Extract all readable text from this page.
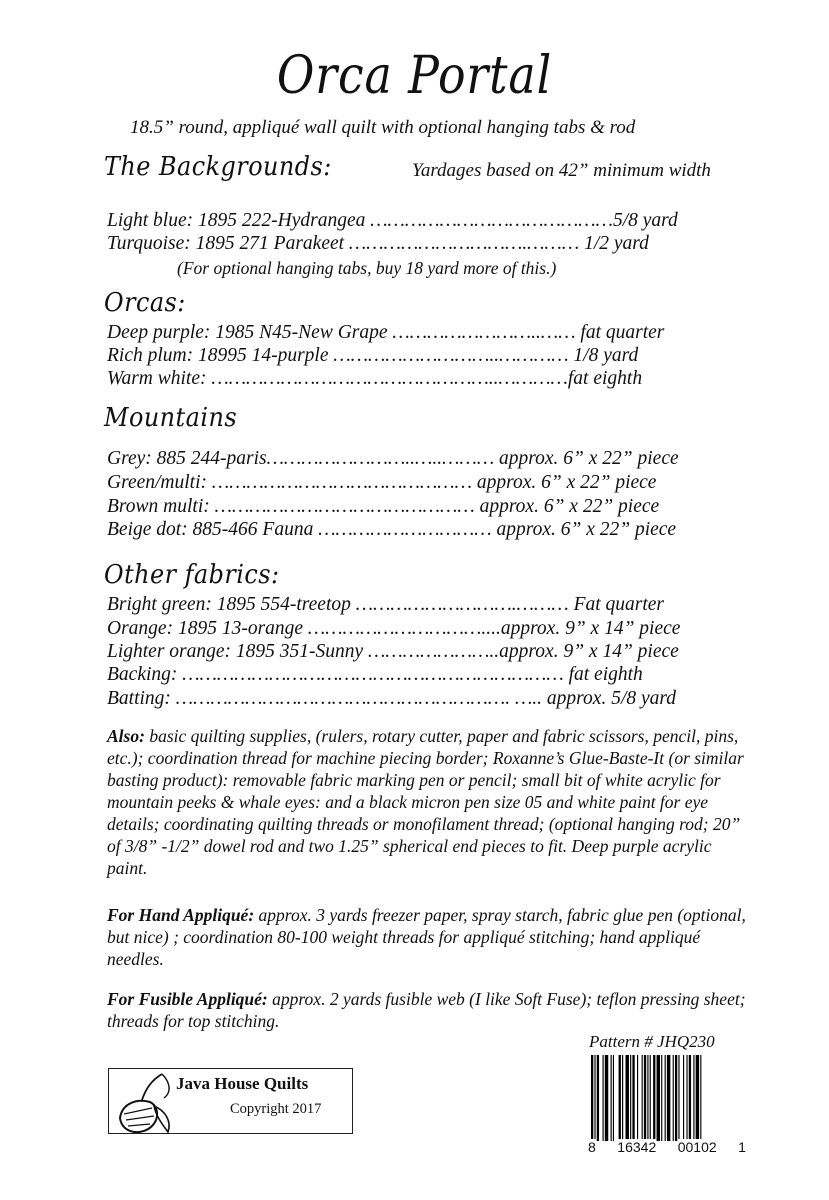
Orca Portal
18.5” round, appliqué wall quilt with optional hanging tabs & rod
The Backgrounds:	Yardages based on 42” minimum width
Light blue: 1895 222-Hydrangea ……………………………………5/8 yard
Turquoise: 1895 271 Parakeet ………………………….……… 1/2 yard
(For optional hanging tabs, buy 18 yard more of this.)
Orcas:
Deep purple: 1985 N45-New Grape ……………………..…… fat quarter
Rich plum: 18995 14-purple ………………………..………… 1/8 yard
Warm white: …………………………………………..…………fat eighth
Mountains
Grey: 885 244-paris……………………..…..……… approx. 6” x 22” piece
Green/multi: ……………………………………… approx. 6” x 22” piece
Brown multi: ……………………………………… approx. 6” x 22” piece
Beige dot: 885-466 Fauna ………………………… approx. 6” x 22” piece
Other fabrics:
Bright green: 1895 554-treetop ……………………….……… Fat quarter
Orange: 1895 13-orange …………………………....approx. 9” x 14” piece
Lighter orange: 1895 351-Sunny …………………..approx. 9” x 14” piece
Backing: ………………………………………………………… fat eighth
Batting: …………………………………………………. ….. approx. 5/8 yard
Also: basic quilting supplies, (rulers, rotary cutter, paper and fabric scissors, pencil, pins, etc.); coordination thread for machine piecing border; Roxanne’s Glue-Baste-It (or similar basting product): removable fabric marking pen or pencil; small bit of white acrylic for mountain peeks & whale eyes: and a black micron pen size 05 and white paint for eye details; coordinating quilting threads or monofilament thread; (optional hanging rod; 20” of 3/8” -1/2” dowel rod and two 1.25” spherical end pieces to fit. Deep purple acrylic paint.
For Hand Appliqué: approx. 3 yards freezer paper, spray starch, fabric glue pen (optional, but nice) ; coordination 80-100 weight threads for appliqué stitching; hand appliqué needles.
For Fusible Appliqué: approx. 2 yards fusible web (I like Soft Fuse); teflon pressing sheet; threads for top stitching.
Pattern # JHQ230
Java House Quilts
Copyright 2017
8 16342 00102 1
